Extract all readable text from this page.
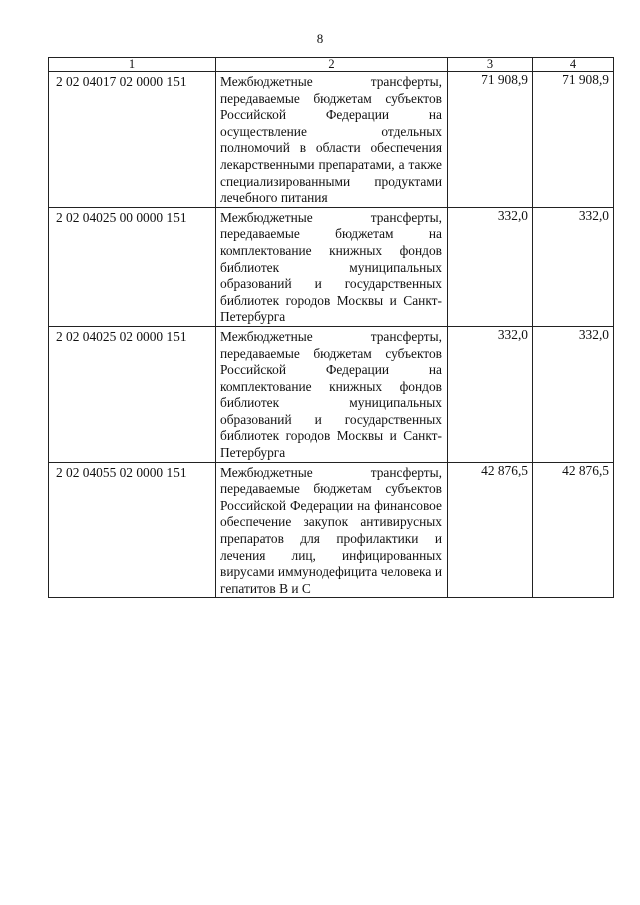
8
1	2	3	4
2 02 04017 02 0000 151	Межбюджетные трансферты, передаваемые бюджетам субъектов Российской Федерации на осуществление отдельных полномочий в области обеспечения лекарственными препаратами, а также специализированными продуктами лечебного питания	71 908,9	71 908,9
2 02 04025 00 0000 151	Межбюджетные трансферты, передаваемые бюджетам на комплектование книжных фондов библиотек муниципальных образований и государственных библиотек городов Москвы и Санкт-Петербурга	332,0	332,0
2 02 04025 02 0000 151	Межбюджетные трансферты, передаваемые бюджетам субъектов Российской Федерации на комплектование книжных фондов библиотек муниципальных образований и государственных библиотек городов Москвы и Санкт-Петербурга	332,0	332,0
2 02 04055 02 0000 151	Межбюджетные трансферты, передаваемые бюджетам субъектов Российской Федерации на финансовое обеспечение закупок антивирусных препаратов для профилактики и лечения лиц, инфицированных вирусами иммунодефицита человека и гепатитов В и С	42 876,5	42 876,5
